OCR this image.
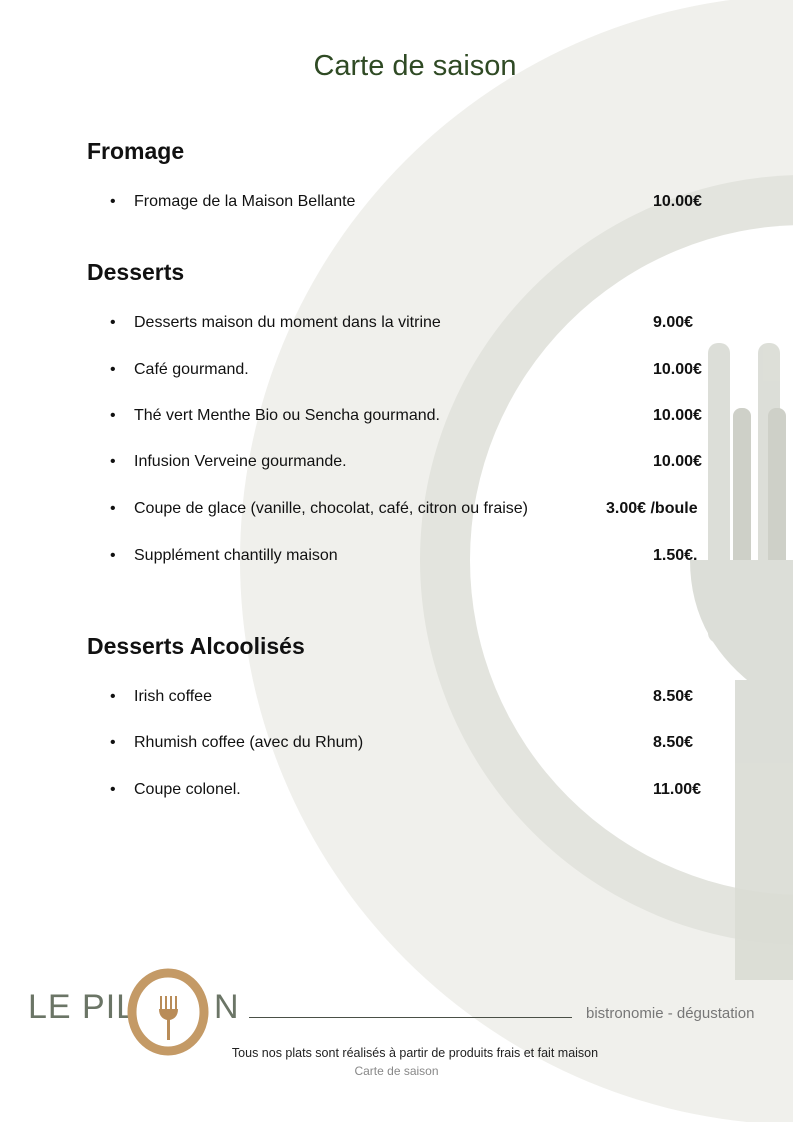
Carte de saison
Fromage
• Fromage de la Maison Bellante	10.00€
Desserts
• Desserts maison du moment dans la vitrine	9.00€
• Café gourmand.	10.00€
• Thé vert Menthe Bio ou Sencha gourmand.	10.00€
• Infusion Verveine gourmande.	10.00€
• Coupe de glace (vanille, chocolat, café, citron ou fraise)	3.00€ /boule
• Supplément chantilly maison	1.50€.
Desserts Alcoolisés
• Irish coffee	8.50€
• Rhumish coffee (avec du Rhum)	8.50€
• Coupe colonel.	11.00€
LE PIL N	bistronomie - dégustation
Tous nos plats sont réalisés à partir de produits frais et fait maison
Carte de saison
